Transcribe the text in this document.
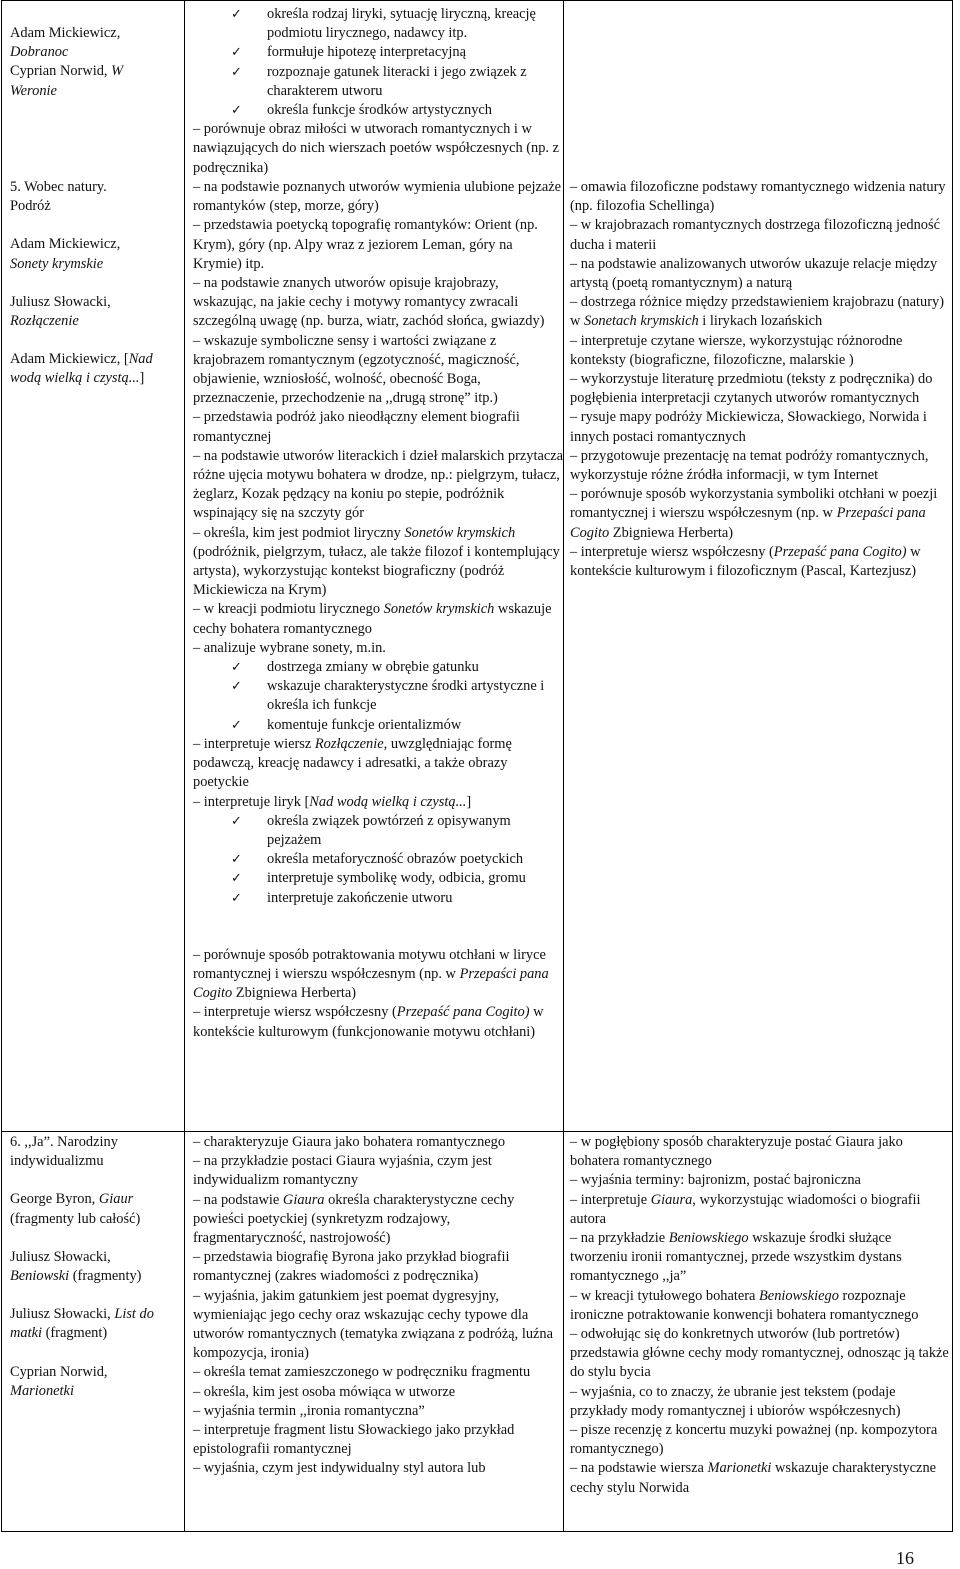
Adam Mickiewicz,

Dobranoc

Cyprian Norwid, W

Weronie

5. Wobec natury.

Podróż

Adam Mickiewicz,

Sonety krymskie

Juliusz Słowacki,

Rozłączenie

Adam Mickiewicz, [Nad

wodą wielką i czystą...]

✓ określa rodzaj liryki, sytuację liryczną, kreację podmiotu lirycznego, nadawcy itp.

✓ formułuje hipotezę interpretacyjną

✓ rozpoznaje gatunek literacki i jego związek z charakterem utworu

✓ określa funkcje środków artystycznych

– porównuje obraz miłości w utworach romantycznych i w nawiązujących do nich wierszach poetów współczesnych (np. z podręcznika)

– na podstawie poznanych utworów wymienia ulubione pejzaże romantyków (step, morze, góry)

– przedstawia poetycką topografię romantyków: Orient (np. Krym), góry (np. Alpy wraz z jeziorem Leman, góry na Krymie) itp.

– na podstawie znanych utworów opisuje krajobrazy, wskazując, na jakie cechy i motywy romantycy zwracali szczególną uwagę (np. burza, wiatr, zachód słońca, gwiazdy)

– wskazuje symboliczne sensy i wartości związane z krajobrazem romantycznym (egzotyczność, magiczność, objawienie, wzniosłość, wolność, obecność Boga, przeznaczenie, przechodzenie na ,,drugą stronę” itp.)

– przedstawia podróż jako nieodłączny element biografii romantycznej

– na podstawie utworów literackich i dzieł malarskich przytacza różne ujęcia motywu bohatera w drodze, np.: pielgrzym, tułacz, żeglarz, Kozak pędzący na koniu po stepie, podróżnik wspinający się na szczyty gór

– określa, kim jest podmiot liryczny Sonetów krymskich (podróżnik, pielgrzym, tułacz, ale także filozof i kontemplujący artysta), wykorzystując kontekst biograficzny (podróż Mickiewicza na Krym)

– w kreacji podmiotu lirycznego Sonetów krymskich wskazuje cechy bohatera romantycznego

– analizuje wybrane sonety, m.in.

✓ dostrzega zmiany w obrębie gatunku

✓ wskazuje charakterystyczne środki artystyczne i określa ich funkcje

✓ komentuje funkcje orientalizmów

– interpretuje wiersz Rozłączenie, uwzględniając formę podawczą, kreację nadawcy i adresatki, a także obrazy poetyckie

– interpretuje liryk [Nad wodą wielką i czystą...]

✓ określa związek powtórzeń z opisywanym pejzażem

✓ określa metaforyczność obrazów poetyckich

✓ interpretuje symbolikę wody, odbicia, gromu

✓ interpretuje zakończenie utworu

– porównuje sposób potraktowania motywu otchłani w liryce romantycznej i wierszu współczesnym (np. w Przepaści pana Cogito Zbigniewa Herberta)

– interpretuje wiersz współczesny (Przepaść pana Cogito) w kontekście kulturowym (funkcjonowanie motywu otchłani)

– omawia filozoficzne podstawy romantycznego widzenia natury (np. filozofia Schellinga)

– w krajobrazach romantycznych dostrzega filozoficzną jedność ducha i materii

– na podstawie analizowanych utworów ukazuje relacje między artystą (poetą romantycznym) a naturą

– dostrzega różnice między przedstawieniem krajobrazu (natury) w Sonetach krymskich i lirykach lozańskich

– interpretuje czytane wiersze, wykorzystując różnorodne konteksty (biograficzne, filozoficzne, malarskie )

– wykorzystuje literaturę przedmiotu (teksty z podręcznika) do pogłębienia interpretacji czytanych utworów romantycznych

– rysuje mapy podróży Mickiewicza, Słowackiego, Norwida i innych postaci romantycznych

– przygotowuje prezentację na temat podróży romantycznych, wykorzystuje różne źródła informacji, w tym Internet

– porównuje sposób wykorzystania symboliki otchłani w poezji romantycznej i wierszu współczesnym (np. w Przepaści pana Cogito Zbigniewa Herberta)

– interpretuje wiersz współczesny (Przepaść pana Cogito) w kontekście kulturowym i filozoficznym (Pascal, Kartezjusz)

6. ,,Ja”. Narodziny

indywidualizmu

George Byron, Giaur

(fragmenty lub całość)

Juliusz Słowacki,

Beniowski (fragmenty)

Juliusz Słowacki, List do

matki (fragment)

Cyprian Norwid,

Marionetki

– charakteryzuje Giaura jako bohatera romantycznego

– na przykładzie postaci Giaura wyjaśnia, czym jest indywidualizm romantyczny

– na podstawie Giaura określa charakterystyczne cechy powieści poetyckiej (synkretyzm rodzajowy, fragmentaryczność, nastrojowość)

– przedstawia biografię Byrona jako przykład biografii romantycznej (zakres wiadomości z podręcznika)

– wyjaśnia, jakim gatunkiem jest poemat dygresyjny, wymieniając jego cechy oraz wskazując cechy typowe dla utworów romantycznych (tematyka związana z podróżą, luźna kompozycja, ironia)

– określa temat zamieszczonego w podręczniku fragmentu

– określa, kim jest osoba mówiąca w utworze

– wyjaśnia termin ,,ironia romantyczna”

– interpretuje fragment listu Słowackiego jako przykład epistolografii romantycznej

– wyjaśnia, czym jest indywidualny styl autora lub

– w pogłębiony sposób charakteryzuje postać Giaura jako bohatera romantycznego

– wyjaśnia terminy: bajronizm, postać bajroniczna

– interpretuje Giaura, wykorzystując wiadomości o biografii autora

– na przykładzie Beniowskiego wskazuje środki służące tworzeniu ironii romantycznej, przede wszystkim dystans romantycznego ,,ja”

– w kreacji tytułowego bohatera Beniowskiego rozpoznaje ironiczne potraktowanie konwencji bohatera romantycznego

– odwołując się do konkretnych utworów (lub portretów) przedstawia główne cechy mody romantycznej, odnosząc ją także do stylu bycia

– wyjaśnia, co to znaczy, że ubranie jest tekstem (podaje przykłady mody romantycznej i ubiorów współczesnych)

– pisze recenzję z koncertu muzyki poważnej (np. kompozytora romantycznego)

– na podstawie wiersza Marionetki wskazuje charakterystyczne cechy stylu Norwida

16
